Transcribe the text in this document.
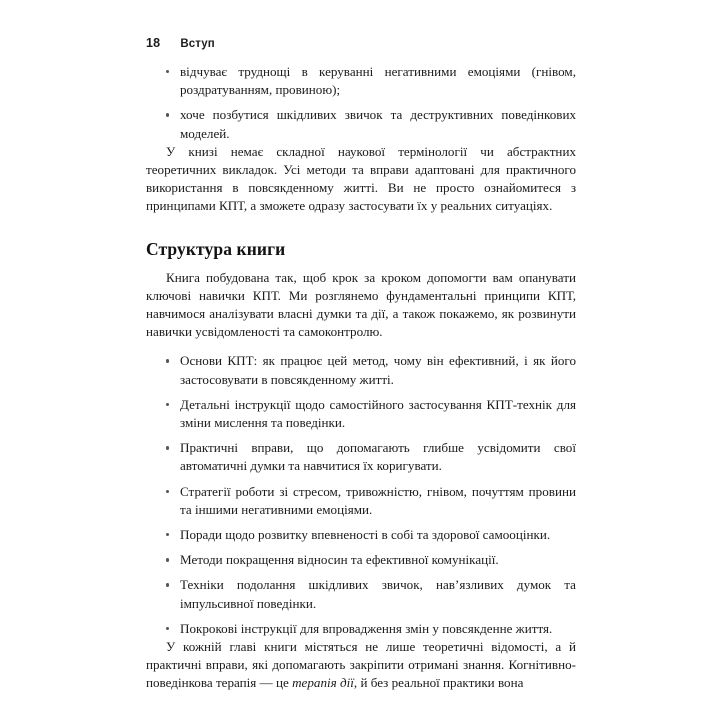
18 Вступ
відчуває труднощі в керуванні негативними емоціями (гнівом, роздратуванням, провиною);
хоче позбутися шкідливих звичок та деструктивних поведінкових моделей.

У книзі немає складної наукової термінології чи абстрактних теоретичних викладок. Усі методи та вправи адаптовані для практичного використання в повсякденному житті. Ви не просто ознайомитеся з принципами КПТ, а зможете одразу застосувати їх у реальних ситуаціях.

Структура книги

Книга побудована так, щоб крок за кроком допомогти вам опанувати ключові навички КПТ. Ми розглянемо фундаментальні принципи КПТ, навчимося аналізувати власні думки та дії, а також покажемо, як розвинути навички усвідомленості та самоконтролю.

Основи КПТ: як працює цей метод, чому він ефективний, і як його застосовувати в повсякденному житті.
Детальні інструкції щодо самостійного застосування КПТ-технік для зміни мислення та поведінки.
Практичні вправи, що допомагають глибше усвідомити свої автоматичні думки та навчитися їх коригувати.
Стратегії роботи зі стресом, тривожністю, гнівом, почуттям провини та іншими негативними емоціями.
Поради щодо розвитку впевненості в собі та здорової самооцінки.
Методи покращення відносин та ефективної комунікації.
Техніки подолання шкідливих звичок, нав’язливих думок та імпульсивної поведінки.
Покрокові інструкції для впровадження змін у повсякденне життя.

У кожній главі книги містяться не лише теоретичні відомості, а й практичні вправи, які допомагають закріпити отримані знання. Когнітивно-поведінкова терапія — це терапія дії, й без реальної практики вона
